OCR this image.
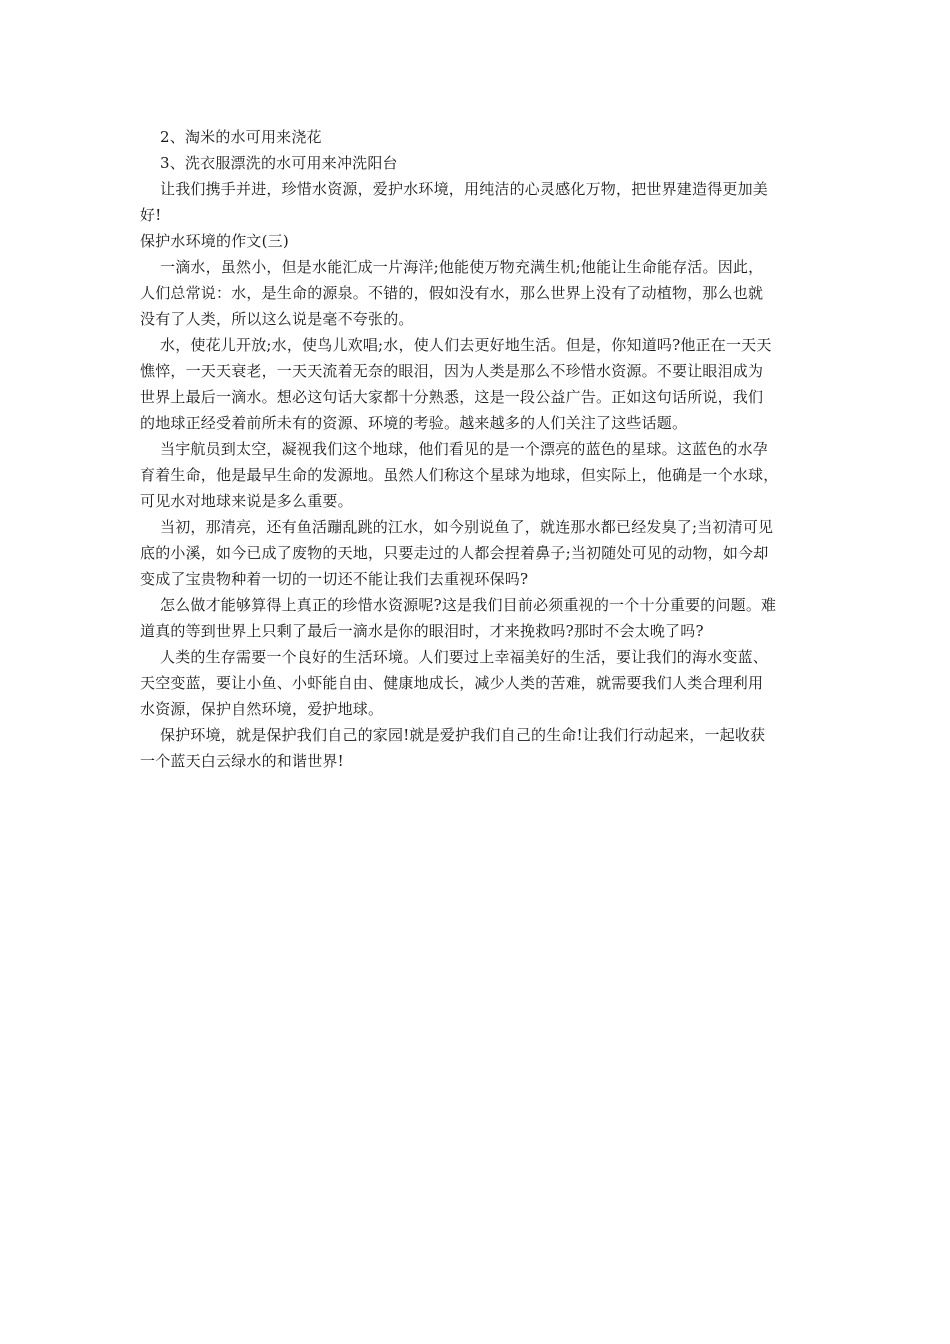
2、淘米的水可用来浇花

3、洗衣服漂洗的水可用来冲洗阳台

让我们携手并进，珍惜水资源，爱护水环境，用纯洁的心灵感化万物，把世界建造得更加美

好!

保护水环境的作文(三)

一滴水，虽然小，但是水能汇成一片海洋;他能使万物充满生机;他能让生命能存活。因此，

人们总常说：水，是生命的源泉。不错的，假如没有水，那么世界上没有了动植物，那么也就

没有了人类，所以这么说是毫不夸张的。

水，使花儿开放;水，使鸟儿欢唱;水，使人们去更好地生活。但是，你知道吗?他正在一天天

憔悴，一天天衰老，一天天流着无奈的眼泪，因为人类是那么不珍惜水资源。不要让眼泪成为

世界上最后一滴水。想必这句话大家都十分熟悉，这是一段公益广告。正如这句话所说，我们

的地球正经受着前所未有的资源、环境的考验。越来越多的人们关注了这些话题。

当宇航员到太空，凝视我们这个地球，他们看见的是一个漂亮的蓝色的星球。这蓝色的水孕

育着生命，他是最早生命的发源地。虽然人们称这个星球为地球，但实际上，他确是一个水球，

可见水对地球来说是多么重要。

当初，那清亮，还有鱼活蹦乱跳的江水，如今别说鱼了，就连那水都已经发臭了;当初清可见

底的小溪，如今已成了废物的天地，只要走过的人都会捏着鼻子;当初随处可见的动物，如今却

变成了宝贵物种着一切的一切还不能让我们去重视环保吗?

怎么做才能够算得上真正的珍惜水资源呢?这是我们目前必须重视的一个十分重要的问题。难

道真的等到世界上只剩了最后一滴水是你的眼泪时，才来挽救吗?那时不会太晚了吗?

人类的生存需要一个良好的生活环境。人们要过上幸福美好的生活，要让我们的海水变蓝、

天空变蓝，要让小鱼、小虾能自由、健康地成长，减少人类的苦难，就需要我们人类合理利用

水资源，保护自然环境，爱护地球。

保护环境，就是保护我们自己的家园!就是爱护我们自己的生命!让我们行动起来，一起收获

一个蓝天白云绿水的和谐世界!
